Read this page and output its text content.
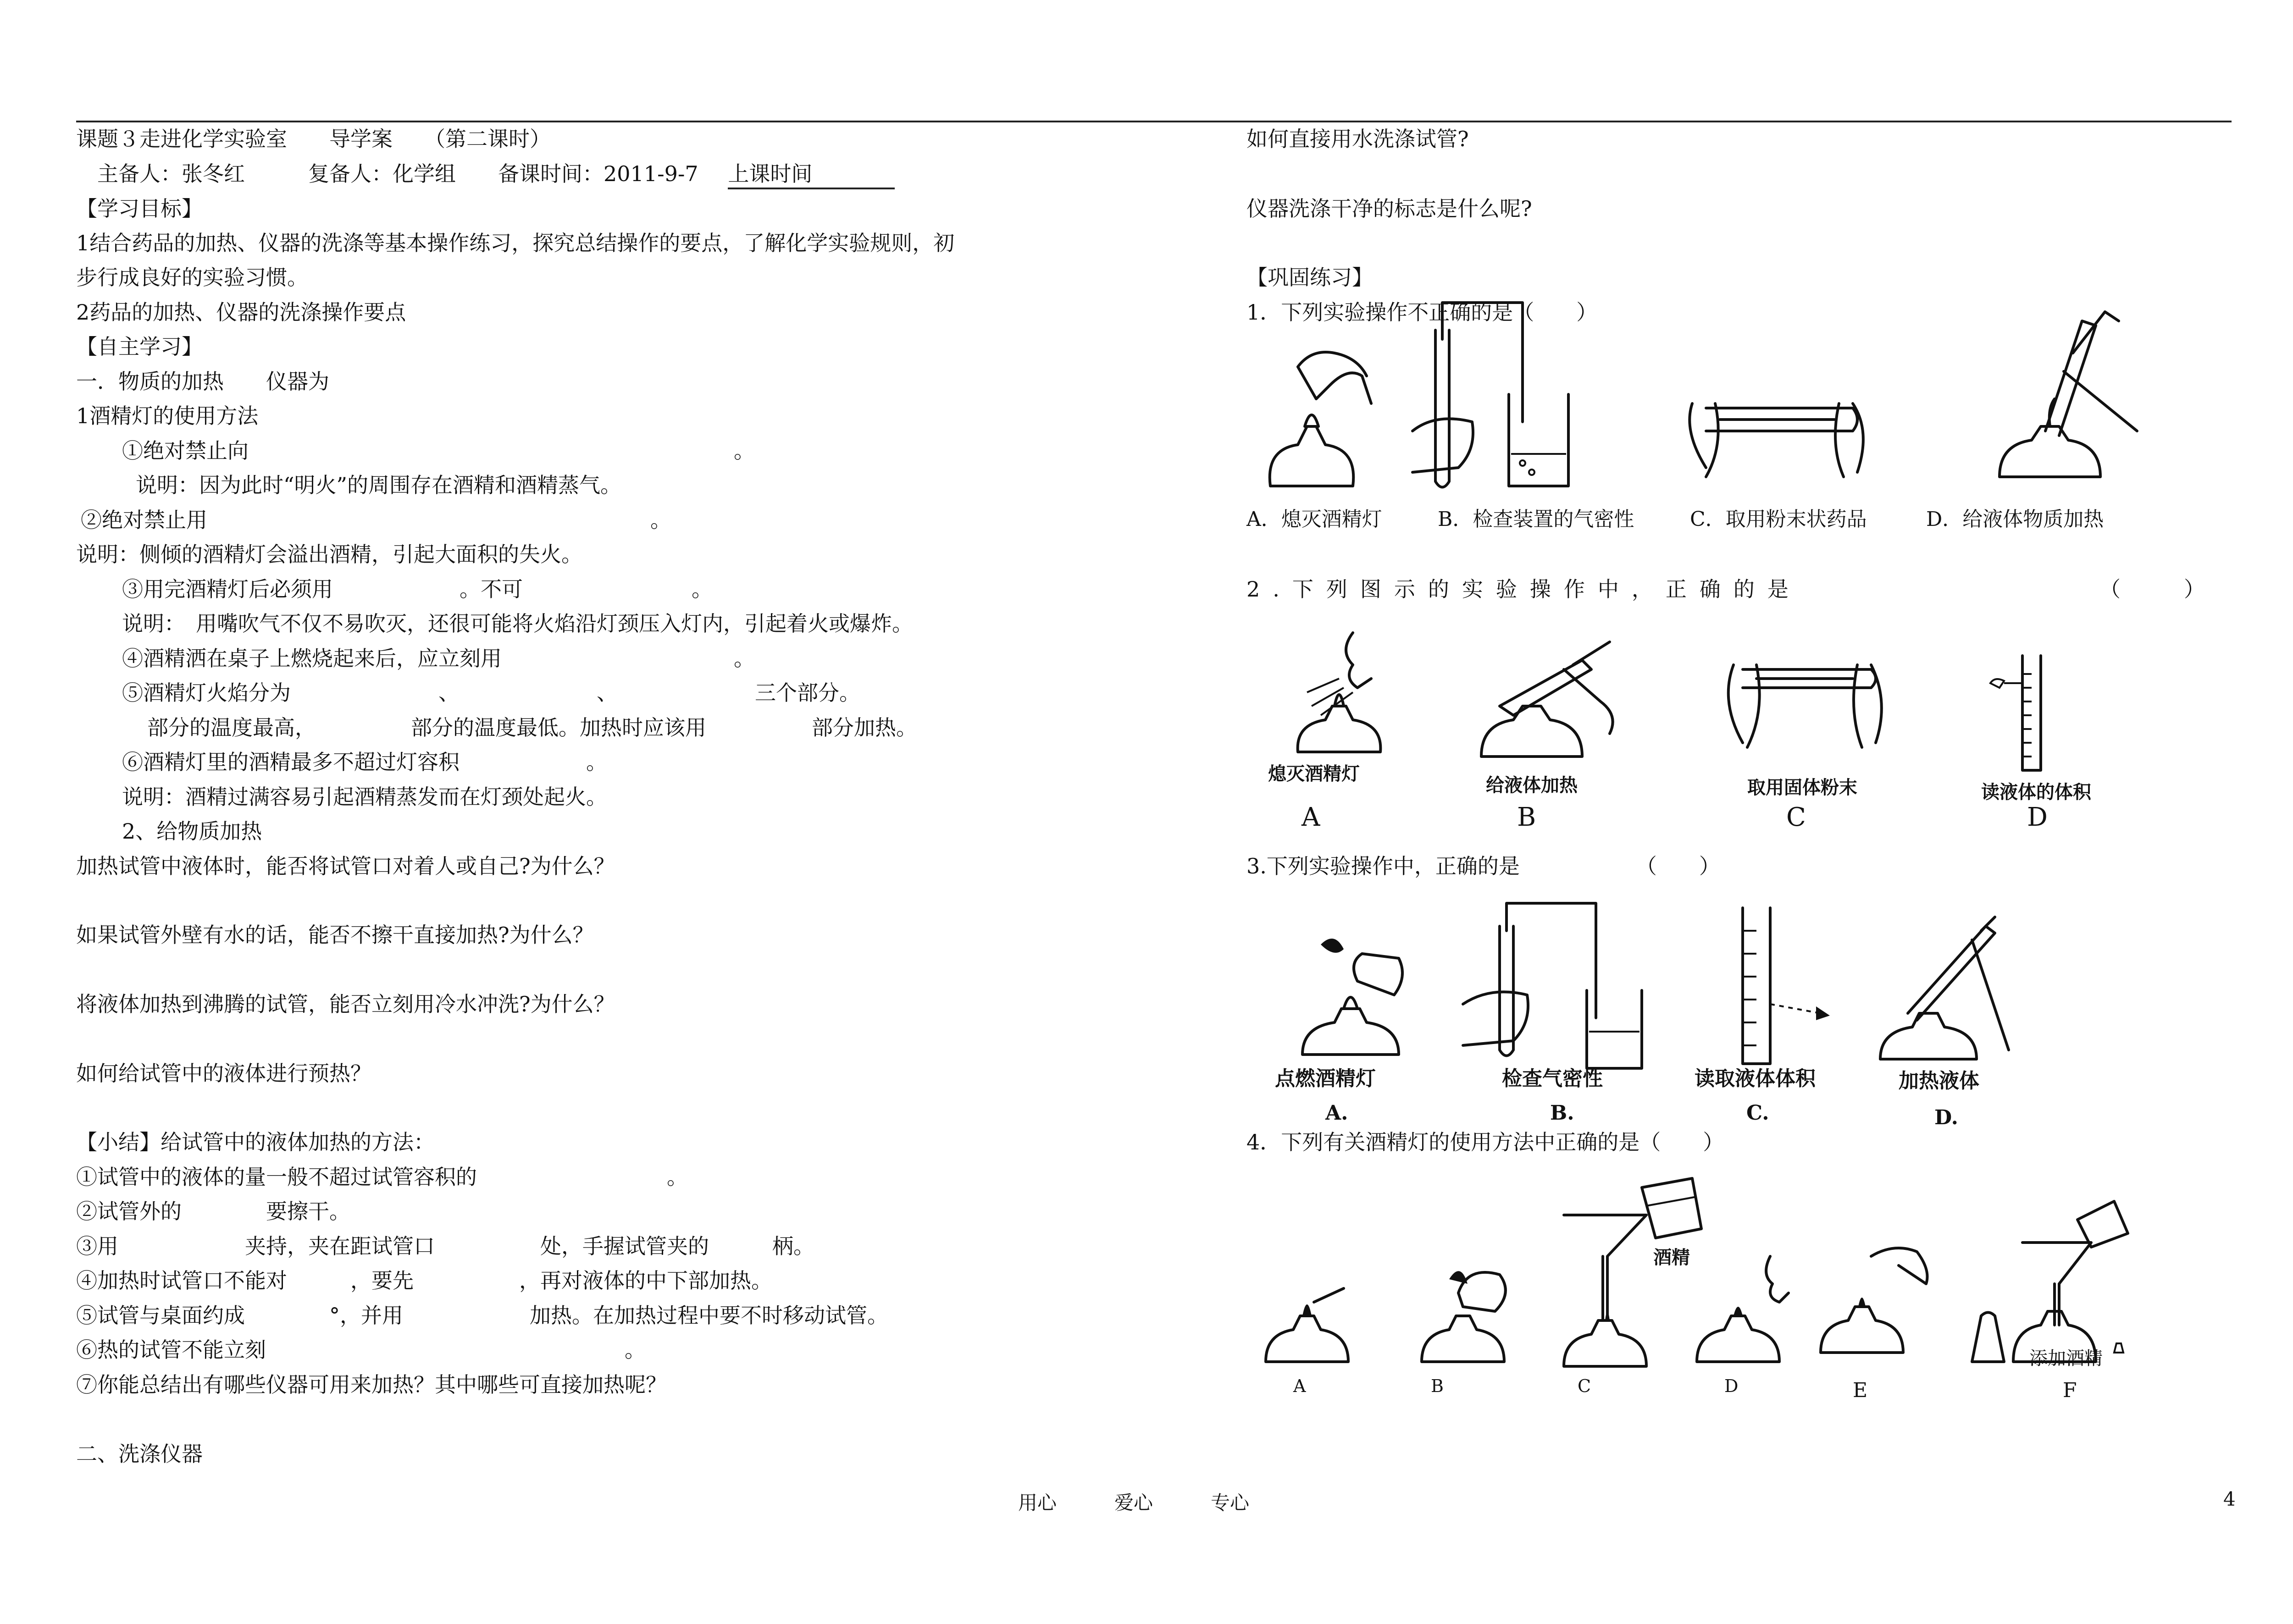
课题３走进化学实验室　　导学案　　（第二课时）
　主备人：张冬红　　　复备人：化学组　　备课时间：2011-9-7 上课时间
【学习目标】
1结合药品的加热、仪器的洗涤等基本操作练习，探究总结操作的要点，了解化学实验规则，初
步行成良好的实验习惯。
2药品的加热、仪器的洗涤操作要点
【自主学习】
一．物质的加热　　仪器为
1酒精灯的使用方法
①绝对禁止向　　　　　　　　　　　　　　　　　　　　　　　。
说明：因为此时“明火”的周围存在酒精和酒精蒸气。
②绝对禁止用　　　　　　　　　　　　　　　　　　　　　。
说明：侧倾的酒精灯会溢出酒精，引起大面积的失火。
③用完酒精灯后必须用　　　　　　。不可　　　　　　　　。
说明：　用嘴吹气不仅不易吹灭，还很可能将火焰沿灯颈压入灯内，引起着火或爆炸。
④酒精洒在桌子上燃烧起来后，应立刻用　　　　　　　　　　　。
⑤酒精灯火焰分为　　　　　　　、　　　　　　　、　　　　　　　三个部分。
部分的温度最高，　　　　　部分的温度最低。加热时应该用　　　　　部分加热。
⑥酒精灯里的酒精最多不超过灯容积　　　　　　。
说明：酒精过满容易引起酒精蒸发而在灯颈处起火。
2、给物质加热
加热试管中液体时，能否将试管口对着人或自己?为什么？
如果试管外壁有水的话，能否不擦干直接加热?为什么？
将液体加热到沸腾的试管，能否立刻用冷水冲洗?为什么？
如何给试管中的液体进行预热？
【小结】给试管中的液体加热的方法：
①试管中的液体的量一般不超过试管容积的　　　　　　　　　。
②试管外的　　　　要擦干。
③用　　　　　　夹持，夹在距试管口　　　　　处，手握试管夹的　　　柄。
④加热时试管口不能对　　　，要先　　　　　，再对液体的中下部加热。
⑤试管与桌面约成　　　　°，并用　　　　　　加热。在加热过程中要不时移动试管。
⑥热的试管不能立刻　　　　　　　　　　　　　　　　　。
⑦你能总结出有哪些仪器可用来加热？其中哪些可直接加热呢？
二、洗涤仪器
如何直接用水洗涤试管?
仪器洗涤干净的标志是什么呢?
【巩固练习】
1．下列实验操作不正确的是（　　）
2.下列图示的实验操作中，正确的是	（　　　）
3.下列实验操作中，正确的是　　　　　　（　　）
4．下列有关酒精灯的使用方法中正确的是（　　）
A．熄灭酒精灯	B．检查装置的气密性	C．取用粉末状药品	D．给液体物质加热
熄灭酒精灯
给液体加热	取用固体粉末	读液体的体积
A	B	C	D
点燃酒精灯	检查气密性	读取液体体积	加热液体
A.	B.	C.	D.
酒精
添加酒精
A	B	C	D	E	F
用心　　　爱心　　　专心	4
